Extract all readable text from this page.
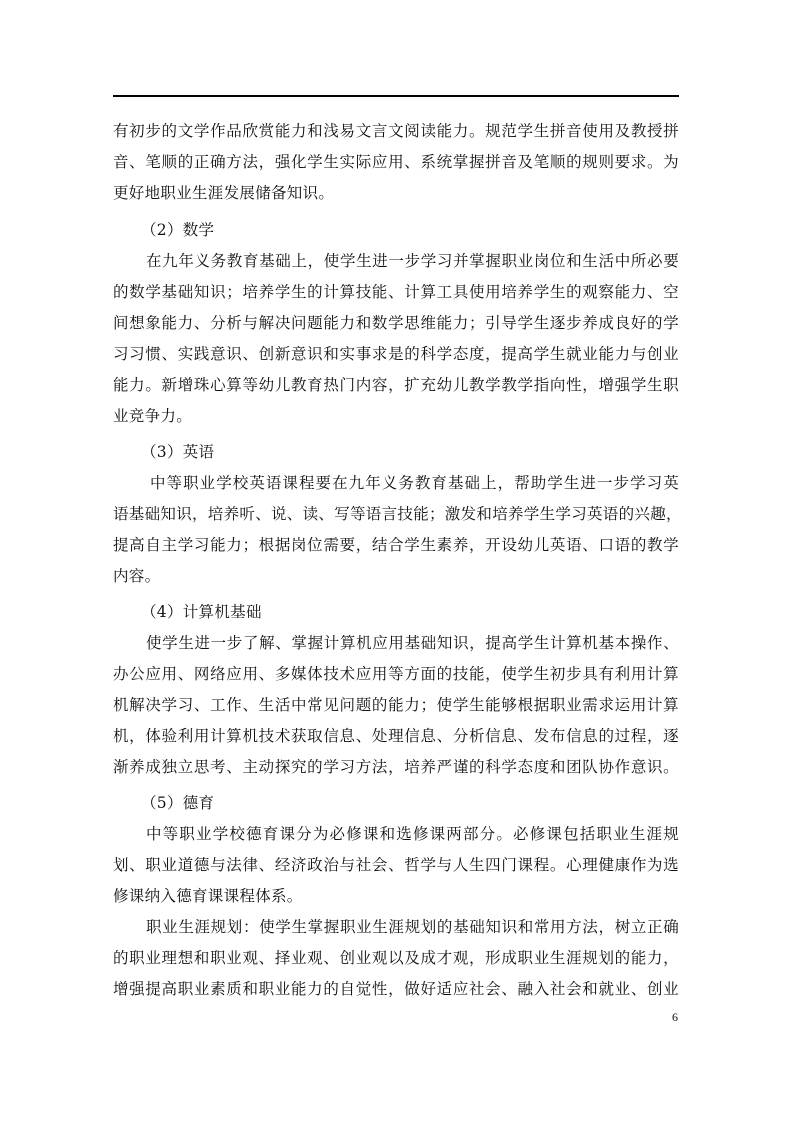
有初步的文学作品欣赏能力和浅易文言文阅读能力。规范学生拼音使用及教授拼
音、笔顺的正确方法，强化学生实际应用、系统掌握拼音及笔顺的规则要求。为
更好地职业生涯发展储备知识。
（2）数学
在九年义务教育基础上，使学生进一步学习并掌握职业岗位和生活中所必要
的数学基础知识；培养学生的计算技能、计算工具使用培养学生的观察能力、空
间想象能力、分析与解决问题能力和数学思维能力；引导学生逐步养成良好的学
习习惯、实践意识、创新意识和实事求是的科学态度，提高学生就业能力与创业
能力。新增珠心算等幼儿教育热门内容，扩充幼儿教学教学指向性，增强学生职
业竞争力。
（3）英语
中等职业学校英语课程要在九年义务教育基础上，帮助学生进一步学习英
语基础知识，培养听、说、读、写等语言技能；激发和培养学生学习英语的兴趣，
提高自主学习能力；根据岗位需要，结合学生素养，开设幼儿英语、口语的教学
内容。
（4）计算机基础
使学生进一步了解、掌握计算机应用基础知识，提高学生计算机基本操作、
办公应用、网络应用、多媒体技术应用等方面的技能，使学生初步具有利用计算
机解决学习、工作、生活中常见问题的能力；使学生能够根据职业需求运用计算
机，体验利用计算机技术获取信息、处理信息、分析信息、发布信息的过程，逐
渐养成独立思考、主动探究的学习方法，培养严谨的科学态度和团队协作意识。
（5）德育
中等职业学校德育课分为必修课和选修课两部分。必修课包括职业生涯规
划、职业道德与法律、经济政治与社会、哲学与人生四门课程。心理健康作为选
修课纳入德育课课程体系。
职业生涯规划：使学生掌握职业生涯规划的基础知识和常用方法，树立正确
的职业理想和职业观、择业观、创业观以及成才观，形成职业生涯规划的能力，
增强提高职业素质和职业能力的自觉性，做好适应社会、融入社会和就业、创业
6
